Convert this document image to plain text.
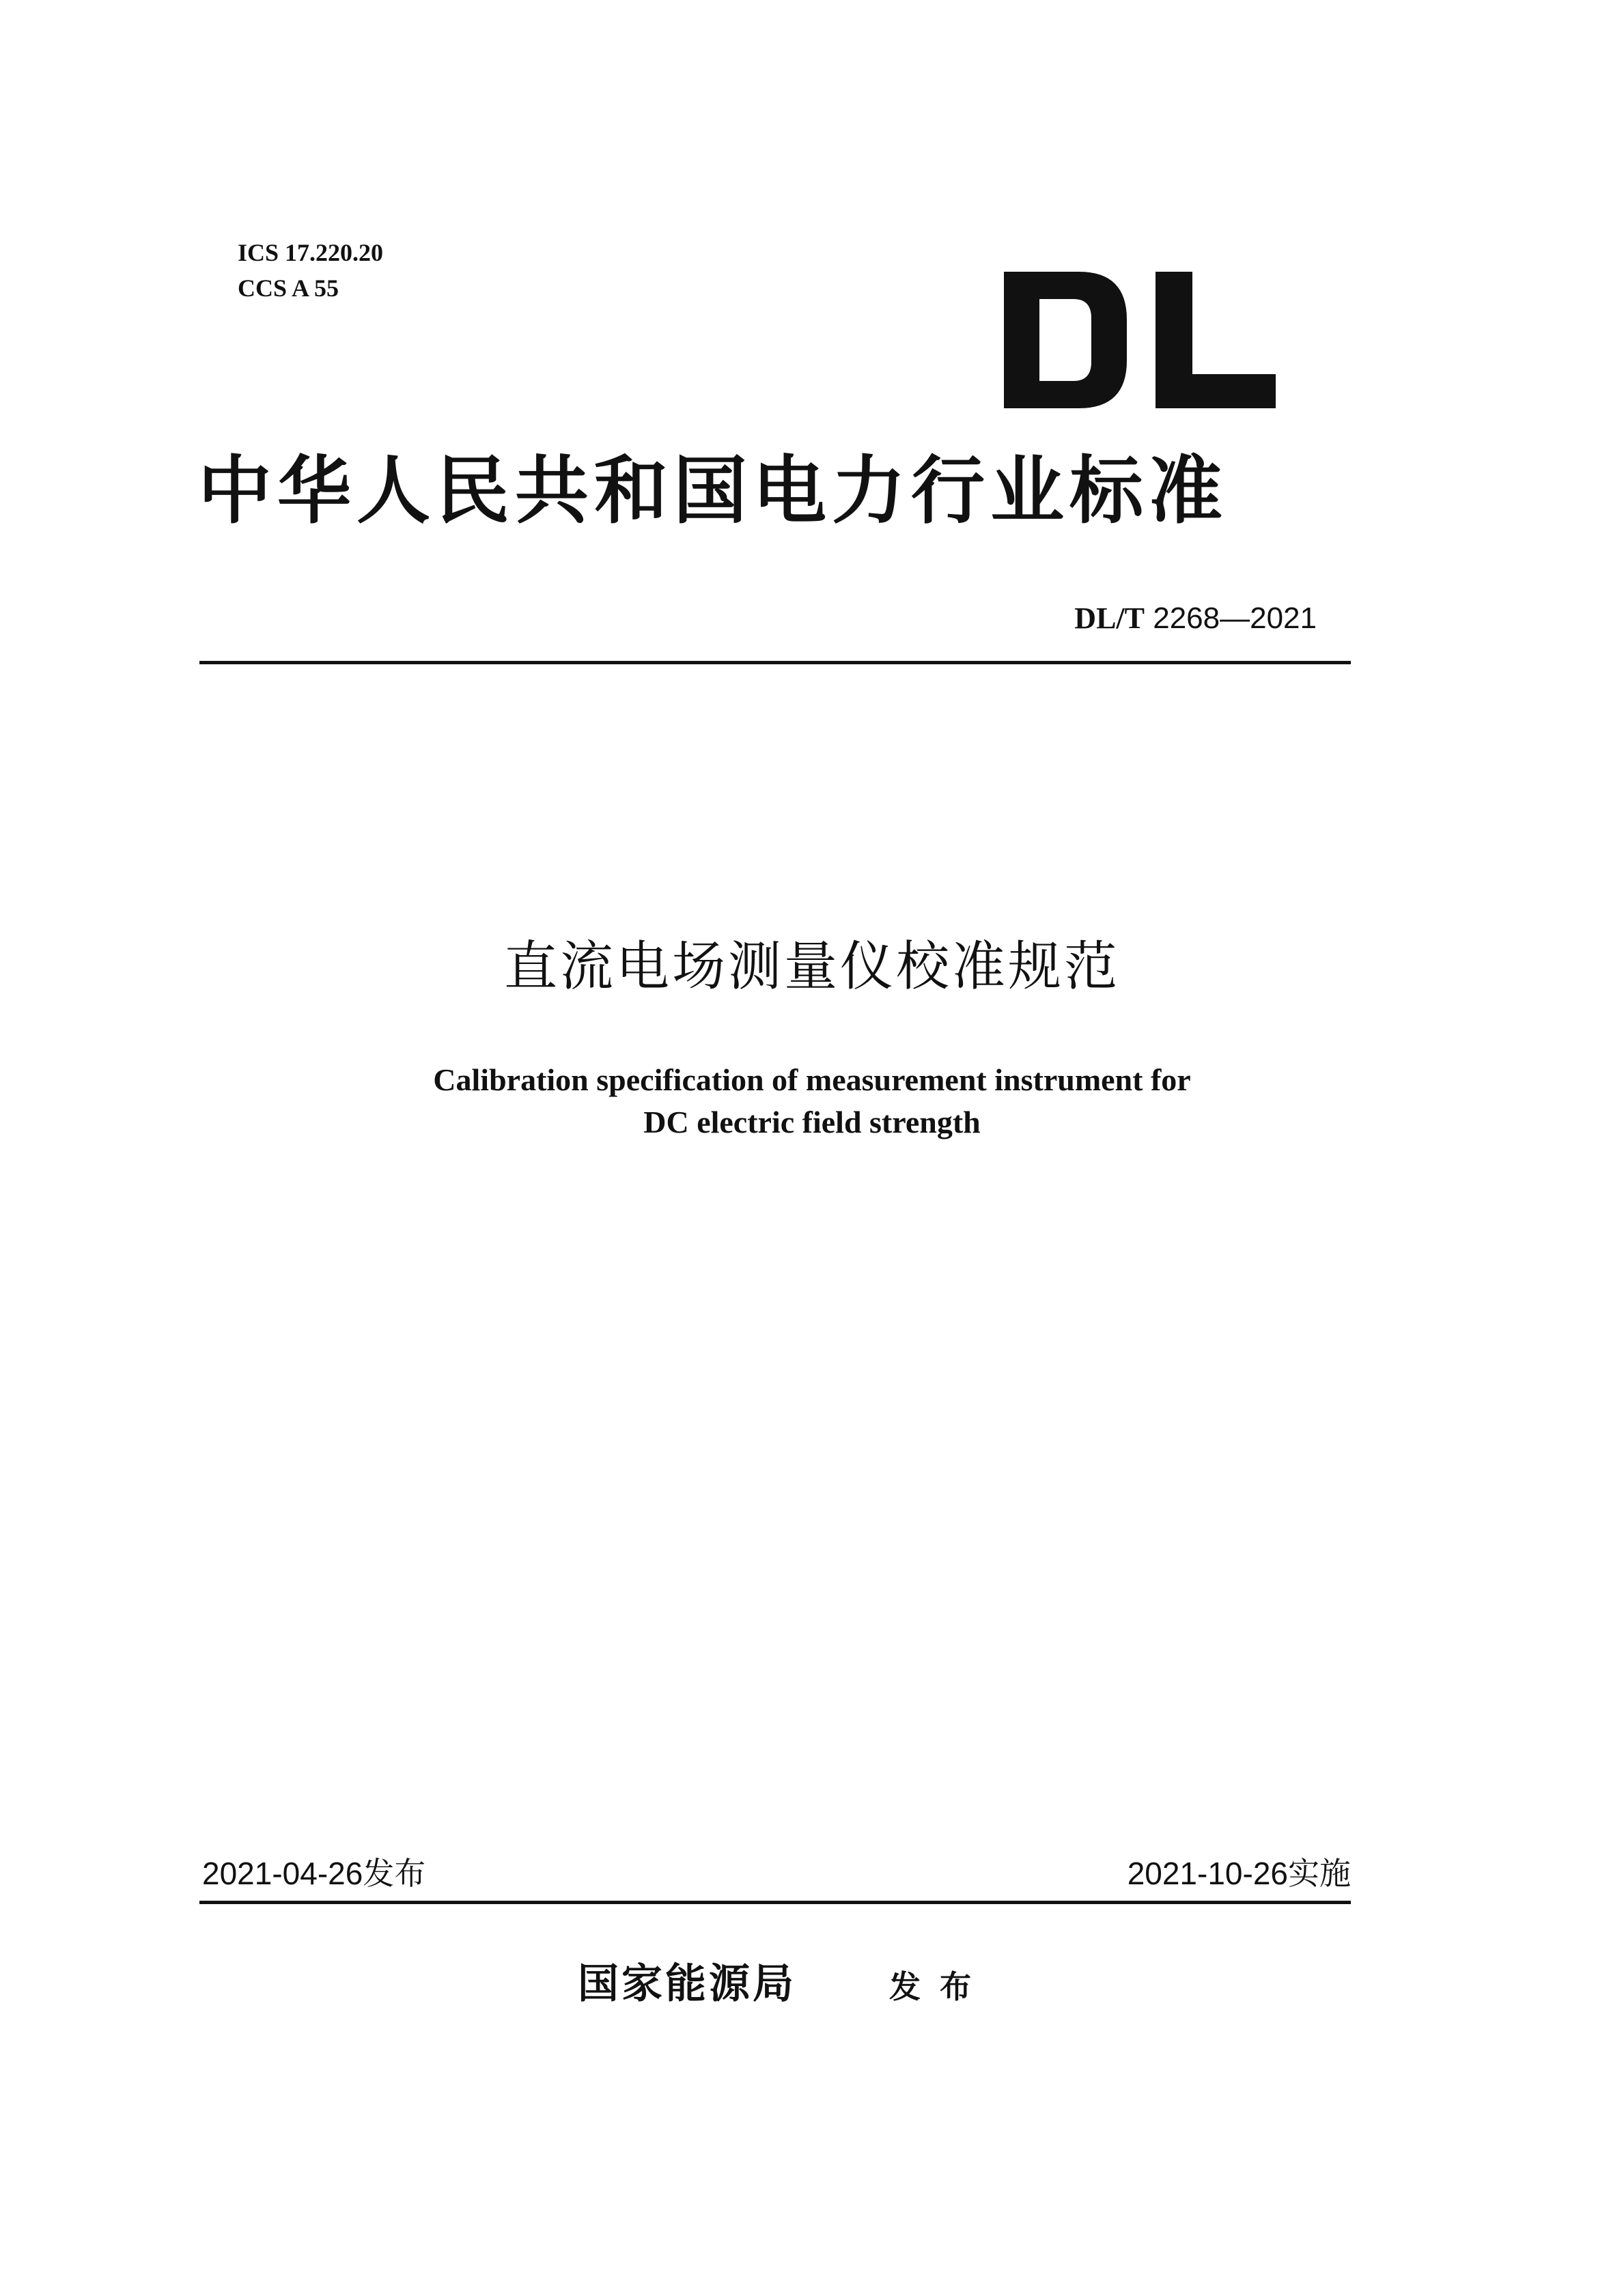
ICS 17.220.20
CCS A 55
中华人民共和国电力行业标准
DL/T 2268—2021
直流电场测量仪校准规范
Calibration specification of measurement instrument for
DC electric field strength
2021-04-26发布	2021-10-26实施
国家能源局	发布
